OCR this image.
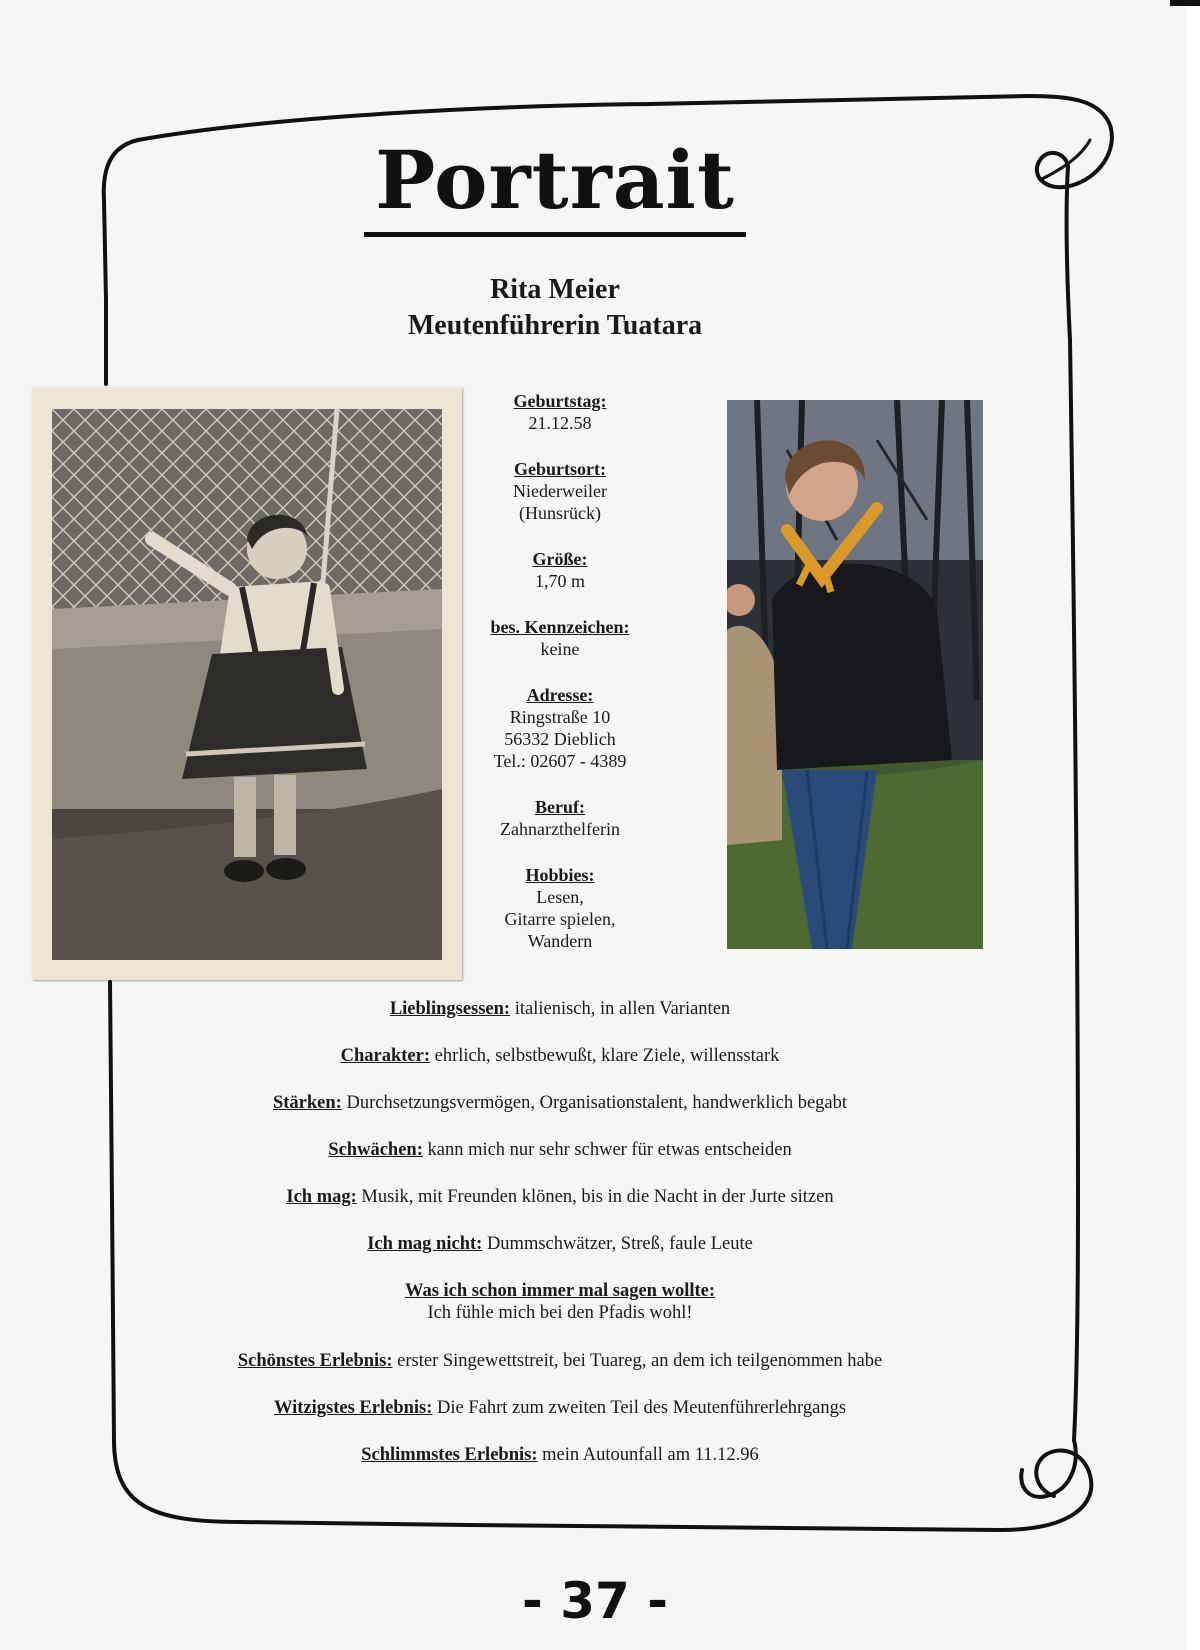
Portrait
Rita Meier
Meutenführerin Tuatara
Geburtstag:
21.12.58
Geburtsort:
Niederweiler
(Hunsrück)
Größe:
1,70 m
bes. Kennzeichen:
keine
Adresse:
Ringstraße 10
56332 Dieblich
Tel.: 02607 - 4389
Beruf:
Zahnarzthelferin
Hobbies:
Lesen,
Gitarre spielen,
Wandern
Lieblingsessen: italienisch, in allen Varianten
Charakter: ehrlich, selbstbewußt, klare Ziele, willensstark
Stärken: Durchsetzungsvermögen, Organisationstalent, handwerklich begabt
Schwächen: kann mich nur sehr schwer für etwas entscheiden
Ich mag: Musik, mit Freunden klönen, bis in die Nacht in der Jurte sitzen
Ich mag nicht: Dummschwätzer, Streß, faule Leute
Was ich schon immer mal sagen wollte:
Ich fühle mich bei den Pfadis wohl!
Schönstes Erlebnis: erster Singewettstreit, bei Tuareg, an dem ich teilgenommen habe
Witzigstes Erlebnis: Die Fahrt zum zweiten Teil des Meutenführerlehrgangs
Schlimmstes Erlebnis: mein Autounfall am 11.12.96
- 37 -
